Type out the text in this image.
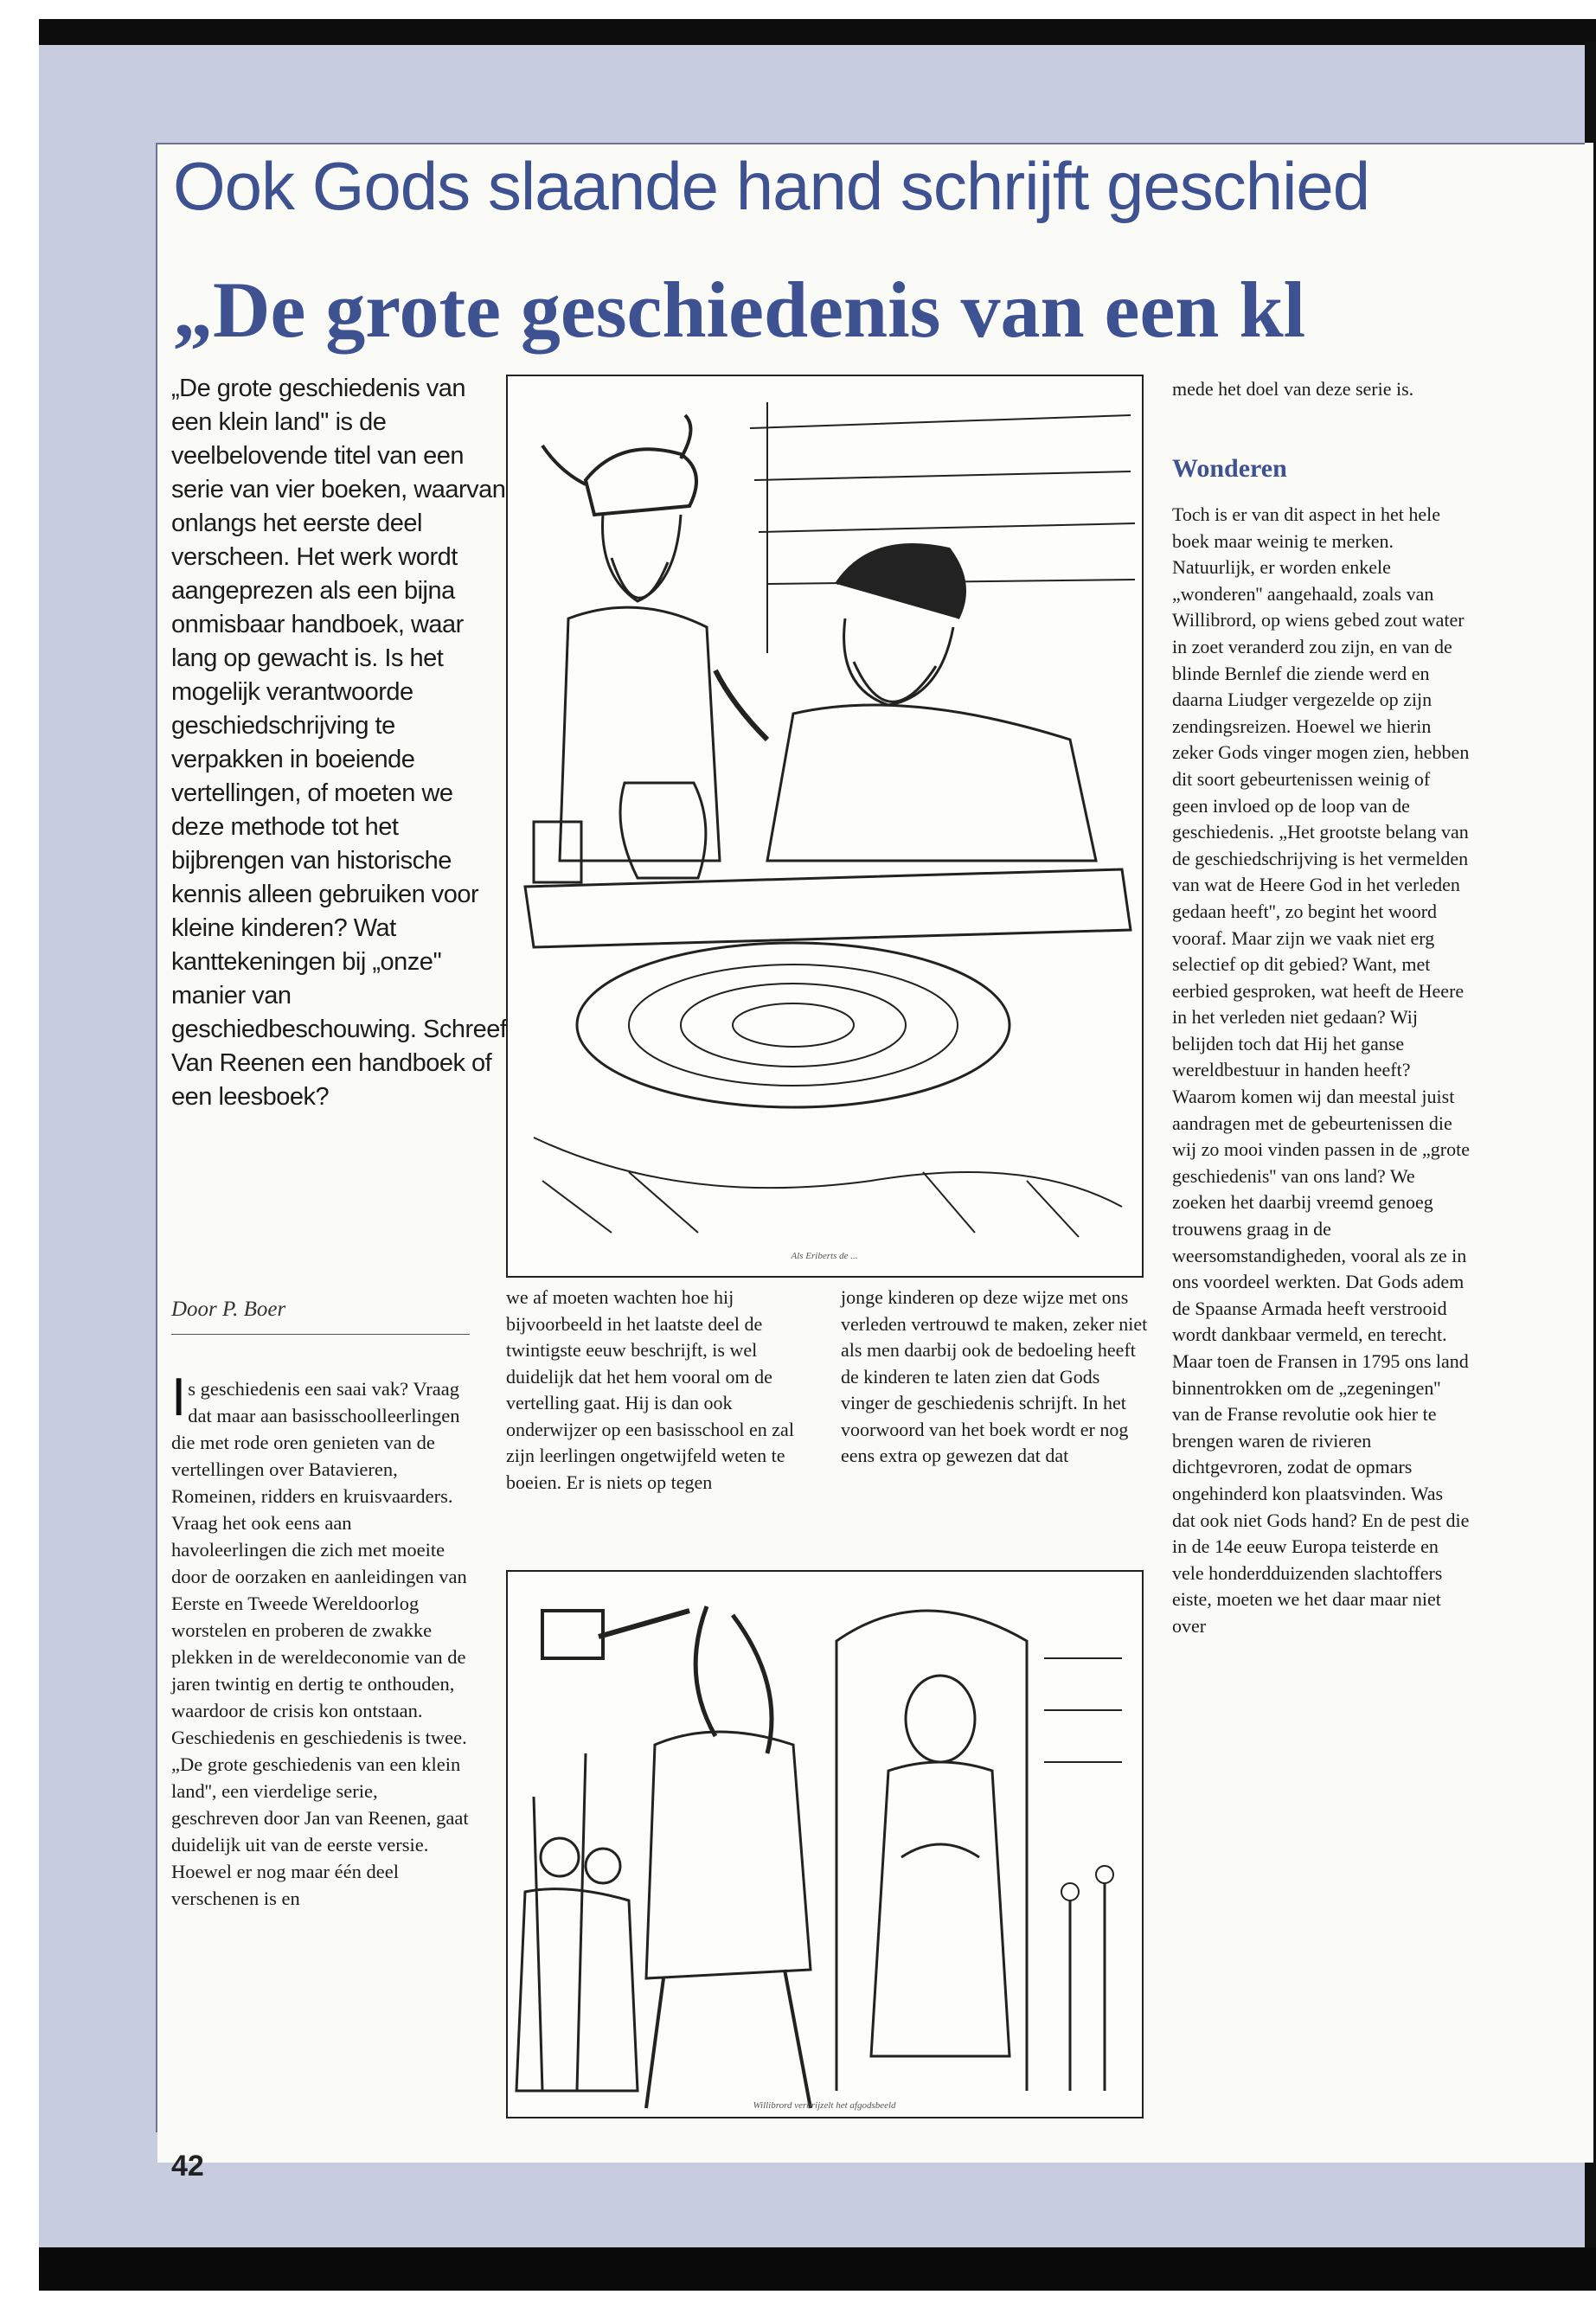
Ook Gods slaande hand schrijft geschied
„De grote geschiedenis van een kl

„De grote geschiedenis van een klein land'' is de veelbelovende titel van een serie van vier boeken, waarvan onlangs het eerste deel verscheen. Het werk wordt aangeprezen als een bijna onmisbaar handboek, waar lang op gewacht is. Is het mogelijk verantwoorde geschiedschrijving te verpakken in boeiende vertellingen, of moeten we deze methode tot het bijbrengen van historische kennis alleen gebruiken voor kleine kinderen? Wat kanttekeningen bij „onze'' manier van geschiedbeschouwing. Schreef Van Reenen een handboek of een leesboek?

Door P. Boer

Is geschiedenis een saai vak? Vraag dat maar aan basisschoolleerlingen die met rode oren genieten van de vertellingen over Batavieren, Romeinen, ridders en kruisvaarders. Vraag het ook eens aan havoleerlingen die zich met moeite door de oorzaken en aanleidingen van Eerste en Tweede Wereldoorlog worstelen en proberen de zwakke plekken in de wereldeconomie van de jaren twintig en dertig te onthouden, waardoor de crisis kon ontstaan. Geschiedenis en geschiedenis is twee. „De grote geschiedenis van een klein land'', een vierdelige serie, geschreven door Jan van Reenen, gaat duidelijk uit van de eerste versie. Hoewel er nog maar één deel verschenen is en

Als Eriberts de ...

we af moeten wachten hoe hij bijvoorbeeld in het laatste deel de twintigste eeuw beschrijft, is wel duidelijk dat het hem vooral om de vertelling gaat. Hij is dan ook onderwijzer op een basisschool en zal zijn leerlingen ongetwijfeld weten te boeien. Er is niets op tegen

jonge kinderen op deze wijze met ons verleden vertrouwd te maken, zeker niet als men daarbij ook de bedoeling heeft de kinderen te laten zien dat Gods vinger de geschiedenis schrijft. In het voorwoord van het boek wordt er nog eens extra op gewezen dat dat

Willibrord verbrijzelt het afgodsbeeld

mede het doel van deze serie is.

Wonderen

Toch is er van dit aspect in het hele boek maar weinig te merken. Natuurlijk, er worden enkele „wonderen'' aangehaald, zoals van Willibrord, op wiens gebed zout water in zoet veranderd zou zijn, en van de blinde Bernlef die ziende werd en daarna Liudger vergezelde op zijn zendingsreizen. Hoewel we hierin zeker Gods vinger mogen zien, hebben dit soort gebeurtenissen weinig of geen invloed op de loop van de geschiedenis. „Het grootste belang van de geschiedschrijving is het vermelden van wat de Heere God in het verleden gedaan heeft'', zo begint het woord vooraf. Maar zijn we vaak niet erg selectief op dit gebied? Want, met eerbied gesproken, wat heeft de Heere in het verleden niet gedaan? Wij belijden toch dat Hij het ganse wereldbestuur in handen heeft? Waarom komen wij dan meestal juist aandragen met de gebeurtenissen die wij zo mooi vinden passen in de „grote geschiedenis'' van ons land? We zoeken het daarbij vreemd genoeg trouwens graag in de weersomstandigheden, vooral als ze in ons voordeel werkten. Dat Gods adem de Spaanse Armada heeft verstrooid wordt dankbaar vermeld, en terecht. Maar toen de Fransen in 1795 ons land binnentrokken om de „zegeningen'' van de Franse revolutie ook hier te brengen waren de rivieren dichtgevroren, zodat de opmars ongehinderd kon plaatsvinden. Was dat ook niet Gods hand? En de pest die in de 14e eeuw Europa teisterde en vele honderdduizenden slachtoffers eiste, moeten we het daar maar niet over

42
